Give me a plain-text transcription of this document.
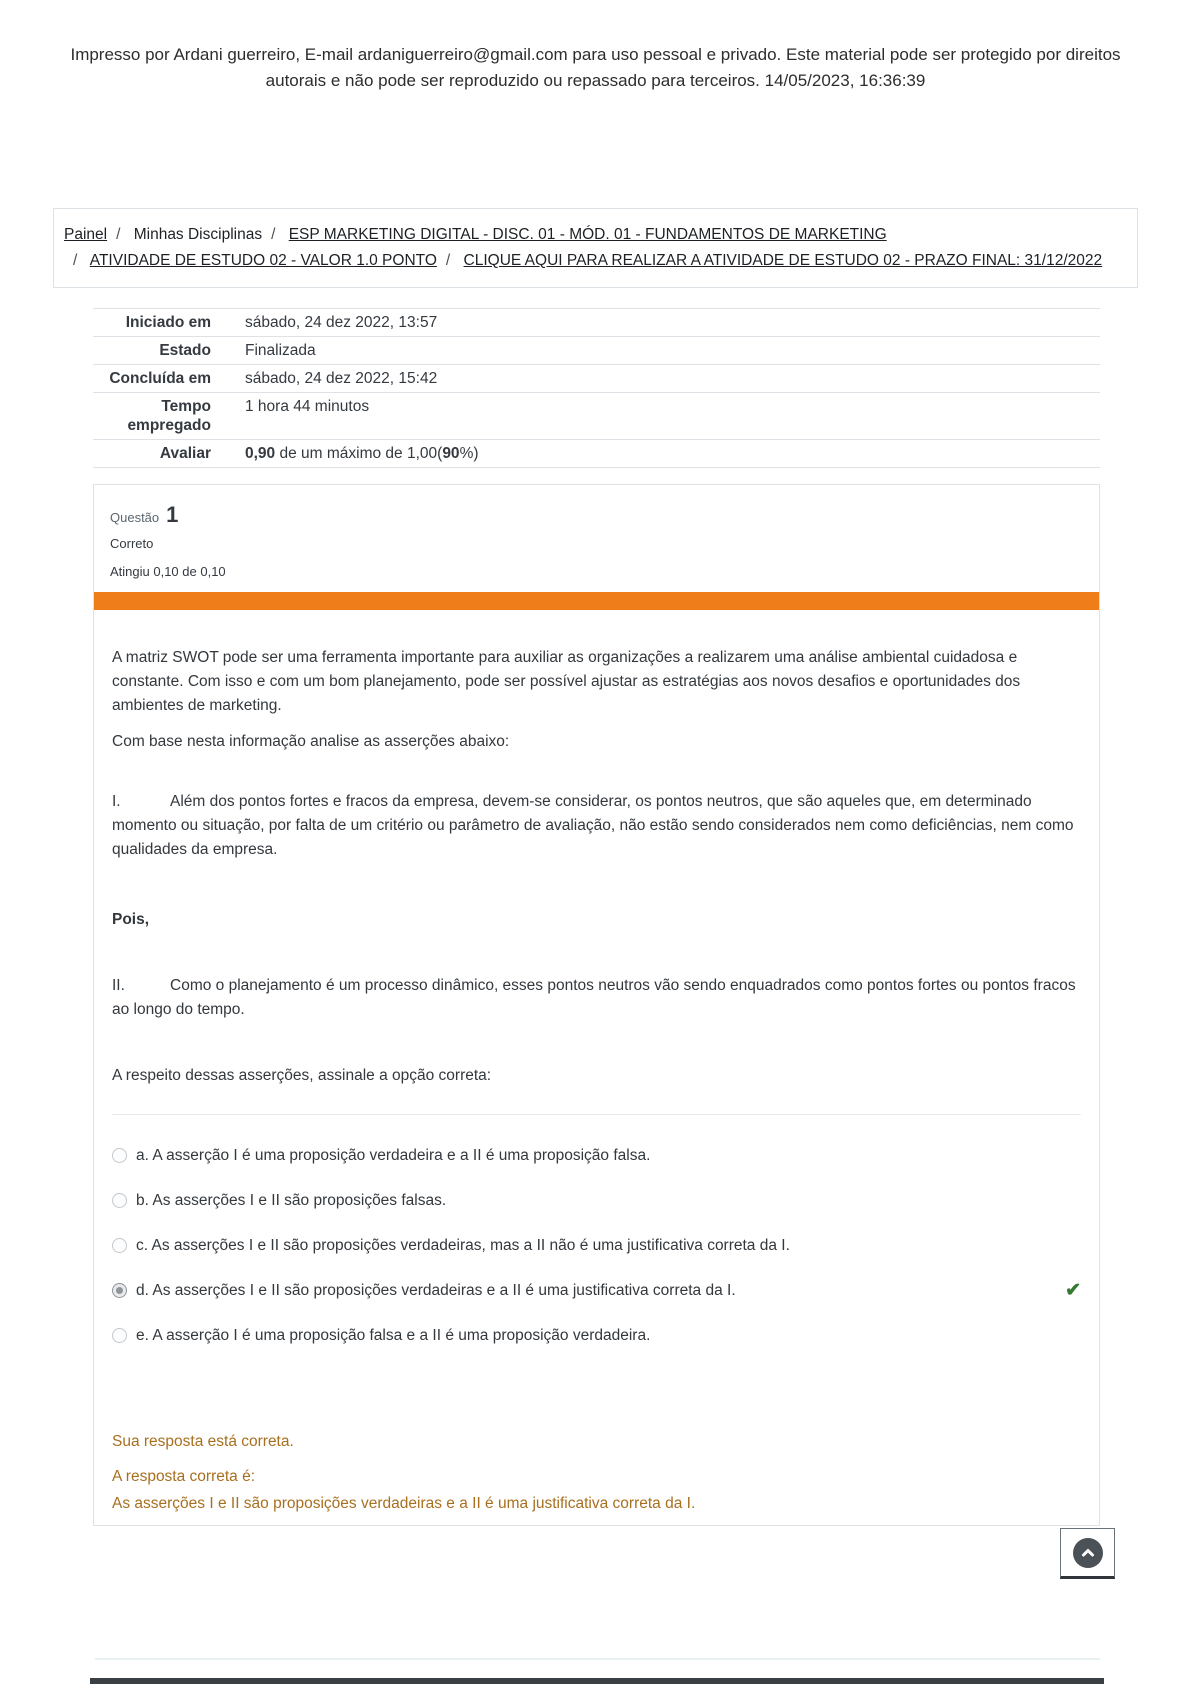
Impresso por Ardani guerreiro, E-mail ardaniguerreiro@gmail.com para uso pessoal e privado. Este material pode ser protegido por direitos autorais e não pode ser reproduzido ou repassado para terceiros. 14/05/2023, 16:36:39
Painel / Minhas Disciplinas / ESP MARKETING DIGITAL - DISC. 01 - MÓD. 01 - FUNDAMENTOS DE MARKETING
/ ATIVIDADE DE ESTUDO 02 - VALOR 1.0 PONTO / CLIQUE AQUI PARA REALIZAR A ATIVIDADE DE ESTUDO 02 - PRAZO FINAL: 31/12/2022
Iniciado em	sábado, 24 dez 2022, 13:57
Estado	Finalizada
Concluída em	sábado, 24 dez 2022, 15:42
Tempo empregado	1 hora 44 minutos
Avaliar	0,90 de um máximo de 1,00(90%)
Questão 1
Correto
Atingiu 0,10 de 0,10

A matriz SWOT pode ser uma ferramenta importante para auxiliar as organizações a realizarem uma análise ambiental cuidadosa e constante. Com isso e com um bom planejamento, pode ser possível ajustar as estratégias aos novos desafios e oportunidades dos ambientes de marketing.

Com base nesta informação analise as asserções abaixo:

I.	Além dos pontos fortes e fracos da empresa, devem-se considerar, os pontos neutros, que são aqueles que, em determinado momento ou situação, por falta de um critério ou parâmetro de avaliação, não estão sendo considerados nem como deficiências, nem como qualidades da empresa.

Pois,

II.	Como o planejamento é um processo dinâmico, esses pontos neutros vão sendo enquadrados como pontos fortes ou pontos fracos ao longo do tempo.

A respeito dessas asserções, assinale a opção correta:

a. A asserção I é uma proposição verdadeira e a II é uma proposição falsa.
b. As asserções I e II são proposições falsas.
c. As asserções I e II são proposições verdadeiras, mas a II não é uma justificativa correta da I.
d. As asserções I e II são proposições verdadeiras e a II é uma justificativa correta da I.	✔
e. A asserção I é uma proposição falsa e a II é uma proposição verdadeira.
Sua resposta está correta.
A resposta correta é:
As asserções I e II são proposições verdadeiras e a II é uma justificativa correta da I.
